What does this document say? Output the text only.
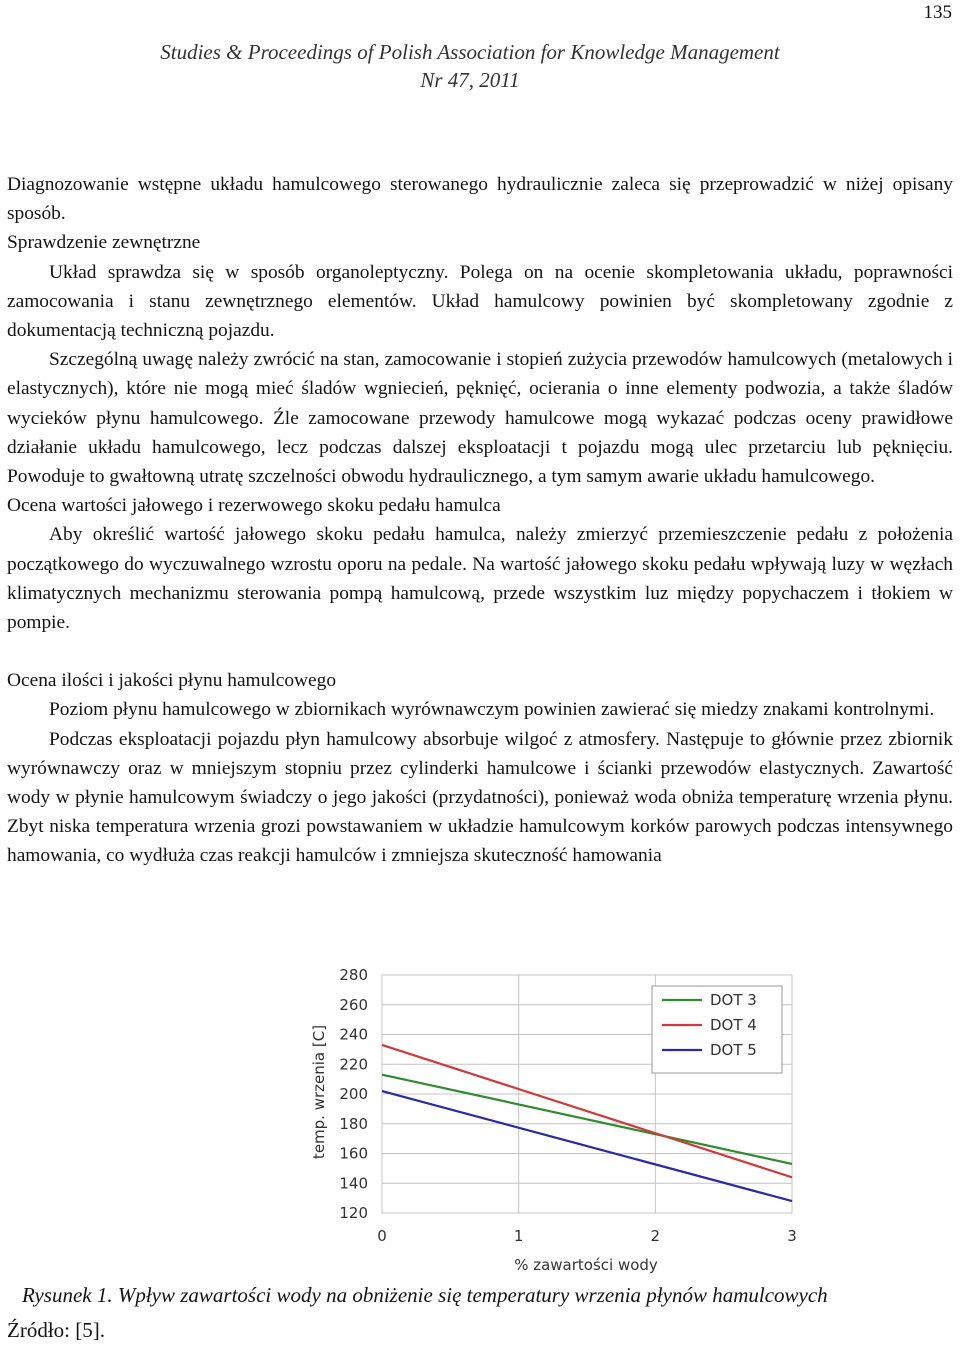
135
Studies & Proceedings of Polish Association for Knowledge Management
Nr 47, 2011

Diagnozowanie wstępne układu hamulcowego sterowanego hydraulicznie zaleca się przeprowadzić w niżej opisany sposób.

Sprawdzenie zewnętrzne

Układ sprawdza się w sposób organoleptyczny. Polega on na ocenie skompletowania układu, poprawności zamocowania i stanu zewnętrznego elementów. Układ hamulcowy powinien być skompletowany zgodnie z dokumentacją techniczną pojazdu.

Szczególną uwagę należy zwrócić na stan, zamocowanie i stopień zużycia przewodów hamulcowych (metalowych i elastycznych), które nie mogą mieć śladów wgniecień, pęknięć, ocierania o inne elementy podwozia, a także śladów wycieków płynu hamulcowego. Źle zamocowane przewody hamulcowe mogą wykazać podczas oceny prawidłowe działanie układu hamulcowego, lecz podczas dalszej eksploatacji t pojazdu mogą ulec przetarciu lub pęknięciu. Powoduje to gwałtowną utratę szczelności obwodu hydraulicznego, a tym samym awarie układu hamulcowego.

Ocena wartości jałowego i rezerwowego skoku pedału hamulca

Aby określić wartość jałowego skoku pedału hamulca, należy zmierzyć przemieszczenie pedału z położenia początkowego do wyczuwalnego wzrostu oporu na pedale. Na wartość jałowego skoku pedału wpływają luzy w węzłach klimatycznych mechanizmu sterowania pompą hamulcową, przede wszystkim luz między popychaczem i tłokiem w pompie.

Ocena ilości i jakości płynu hamulcowego

Poziom płynu hamulcowego w zbiornikach wyrównawczym powinien zawierać się miedzy znakami kontrolnymi.

Podczas eksploatacji pojazdu płyn hamulcowy absorbuje wilgoć z atmosfery. Następuje to głównie przez zbiornik wyrównawczy oraz w mniejszym stopniu przez cylinderki hamulcowe i ścianki przewodów elastycznych. Zawartość wody w płynie hamulcowym świadczy o jego jakości (przydatności), ponieważ woda obniża temperaturę wrzenia płynu. Zbyt niska temperatura wrzenia grozi powstawaniem w układzie hamulcowym korków parowych podczas intensywnego hamowania, co wydłuża czas reakcji hamulców i zmniejsza skuteczność hamowania

120
140
160
180
200
220
240
260
280
0	1	2	3
temp. wrzenia [C]
% zawartości wody
DOT 3
DOT 4
DOT 5
Rysunek 1. Wpływ zawartości wody na obniżenie się temperatury wrzenia płynów hamulcowych
Źródło: [5].
